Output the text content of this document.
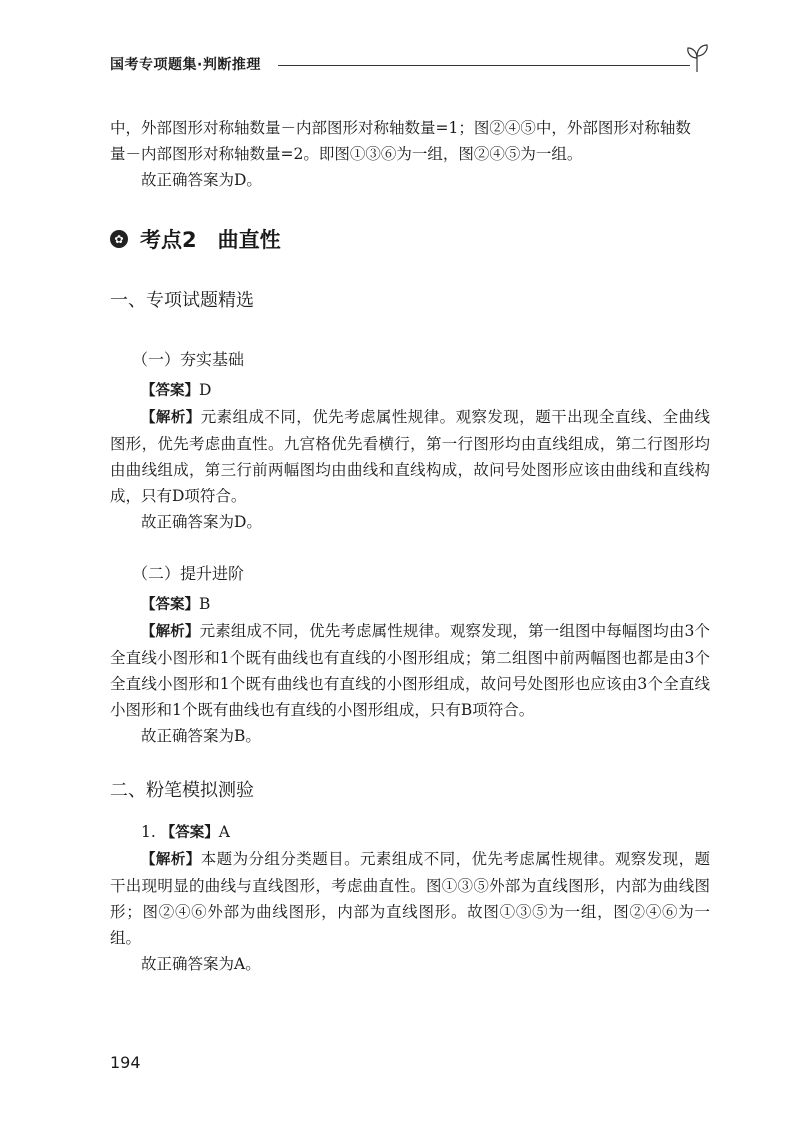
国考专项题集·判断推理

中，外部图形对称轴数量－内部图形对称轴数量=1；图②④⑤中，外部图形对称轴数

量－内部图形对称轴数量=2。即图①③⑥为一组，图②④⑤为一组。

故正确答案为D。

✿ 考点2　曲直性
一、专项试题精选
（一）夯实基础

【答案】D

【解析】元素组成不同，优先考虑属性规律。观察发现，题干出现全直线、全曲线图形，优先考虑曲直性。九宫格优先看横行，第一行图形均由直线组成，第二行图形均由曲线组成，第三行前两幅图均由曲线和直线构成，故问号处图形应该由曲线和直线构成，只有D项符合。

故正确答案为D。

（二）提升进阶

【答案】B

【解析】元素组成不同，优先考虑属性规律。观察发现，第一组图中每幅图均由3个全直线小图形和1个既有曲线也有直线的小图形组成；第二组图中前两幅图也都是由3个全直线小图形和1个既有曲线也有直线的小图形组成，故问号处图形也应该由3个全直线小图形和1个既有曲线也有直线的小图形组成，只有B项符合。

故正确答案为B。

二、粉笔模拟测验

1. 【答案】A

【解析】本题为分组分类题目。元素组成不同，优先考虑属性规律。观察发现，题干出现明显的曲线与直线图形，考虑曲直性。图①③⑤外部为直线图形，内部为曲线图形；图②④⑥外部为曲线图形，内部为直线图形。故图①③⑤为一组，图②④⑥为一组。

故正确答案为A。

194
